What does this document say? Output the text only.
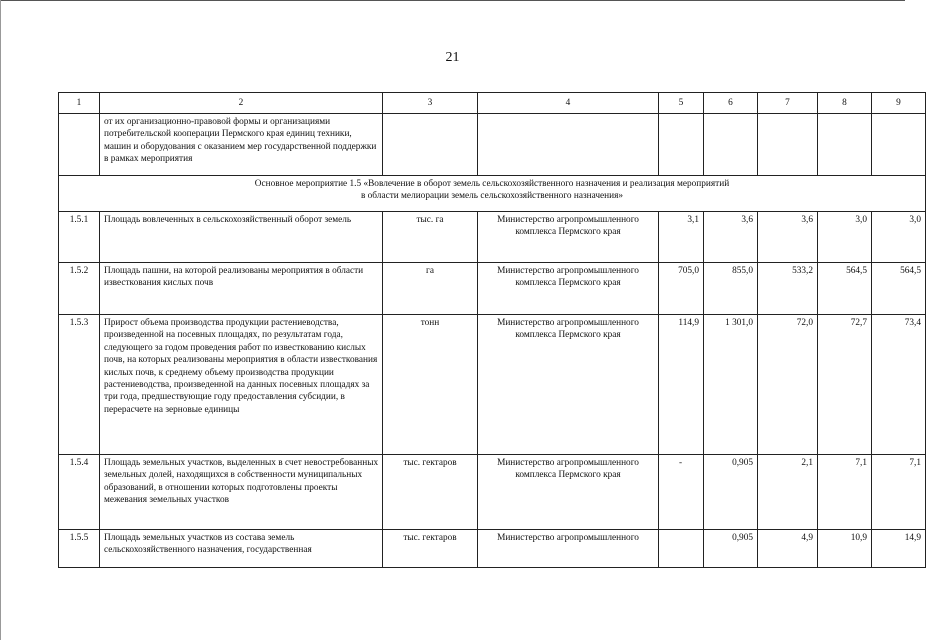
21
1	2	3	4	5	6	7	8	9
	от их организационно-правовой формы и организациями потребительской кооперации Пермского края единиц техники, машин и оборудования с оказанием мер государственной поддержки в рамках мероприятия							

Основное мероприятие 1.5 «Вовлечение в оборот земель сельскохозяйственного назначения и реализация мероприятий
в области мелиорации земель сельскохозяйственного назначения»								

1.5.1	Площадь вовлеченных в сельскохозяйственный оборот земель	тыс. га	Министерство агропромышленного комплекса Пермского края	3,1	3,6	3,6	3,0	3,0
1.5.2	Площадь пашни, на которой реализованы мероприятия в области известкования кислых почв	га	Министерство агропромышленного комплекса Пермского края	705,0	855,0	533,2	564,5	564,5
1.5.3	Прирост объема производства продукции растениеводства, произведенной на посевных площадях, по результатам года, следующего за годом проведения работ по известкованию кислых почв, на которых реализованы мероприятия в области известкования кислых почв, к среднему объему производства продукции растениеводства, произведенной на данных посевных площадях за три года, предшествующие году предоставления субсидии, в перерасчете на зерновые единицы	тонн	Министерство агропромышленного комплекса Пермского края	114,9	1 301,0	72,0	72,7	73,4
1.5.4	Площадь земельных участков, выделенных в счет невостребованных земельных долей, находящихся в собственности муниципальных образований, в отношении которых подготовлены проекты межевания земельных участков	тыс. гектаров	Министерство агропромышленного комплекса Пермского края	-	0,905	2,1	7,1	7,1
1.5.5	Площадь земельных участков из состава земель сельскохозяйственного назначения, государственная	тыс. гектаров	Министерство агропромышленного		0,905	4,9	10,9	14,9
